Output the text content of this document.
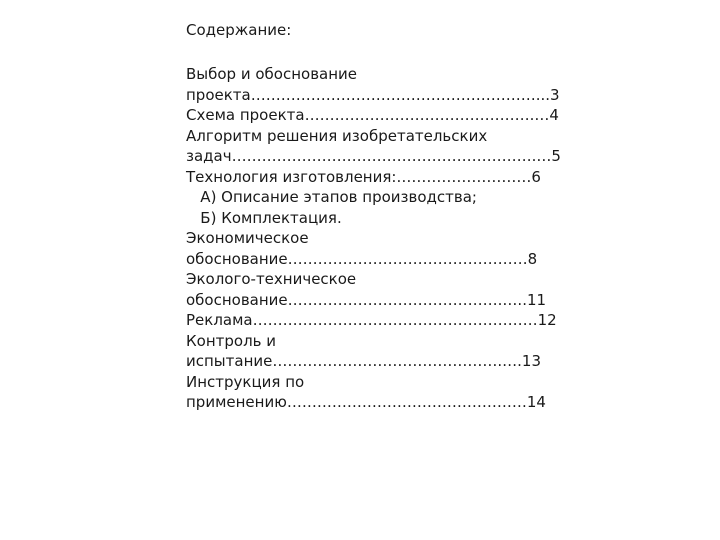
Содержание:
Выбор и обоснование
проекта…………………………………………………...3
Схема проекта……………………………………….…4
Алгоритм решения изобретательских
задач…………………………………………………….…5
Технология изготовления:………………………6
А) Описание этапов производства;
Б) Комплектация.
Экономическое
обоснование…………………………………………8
Эколого-техническое
обоснование…………………………………….…..11
Реклама…………………………………………………12
Контроль и
испытание……………………………………….….13
Инструкция по
применению…………………………………………14
